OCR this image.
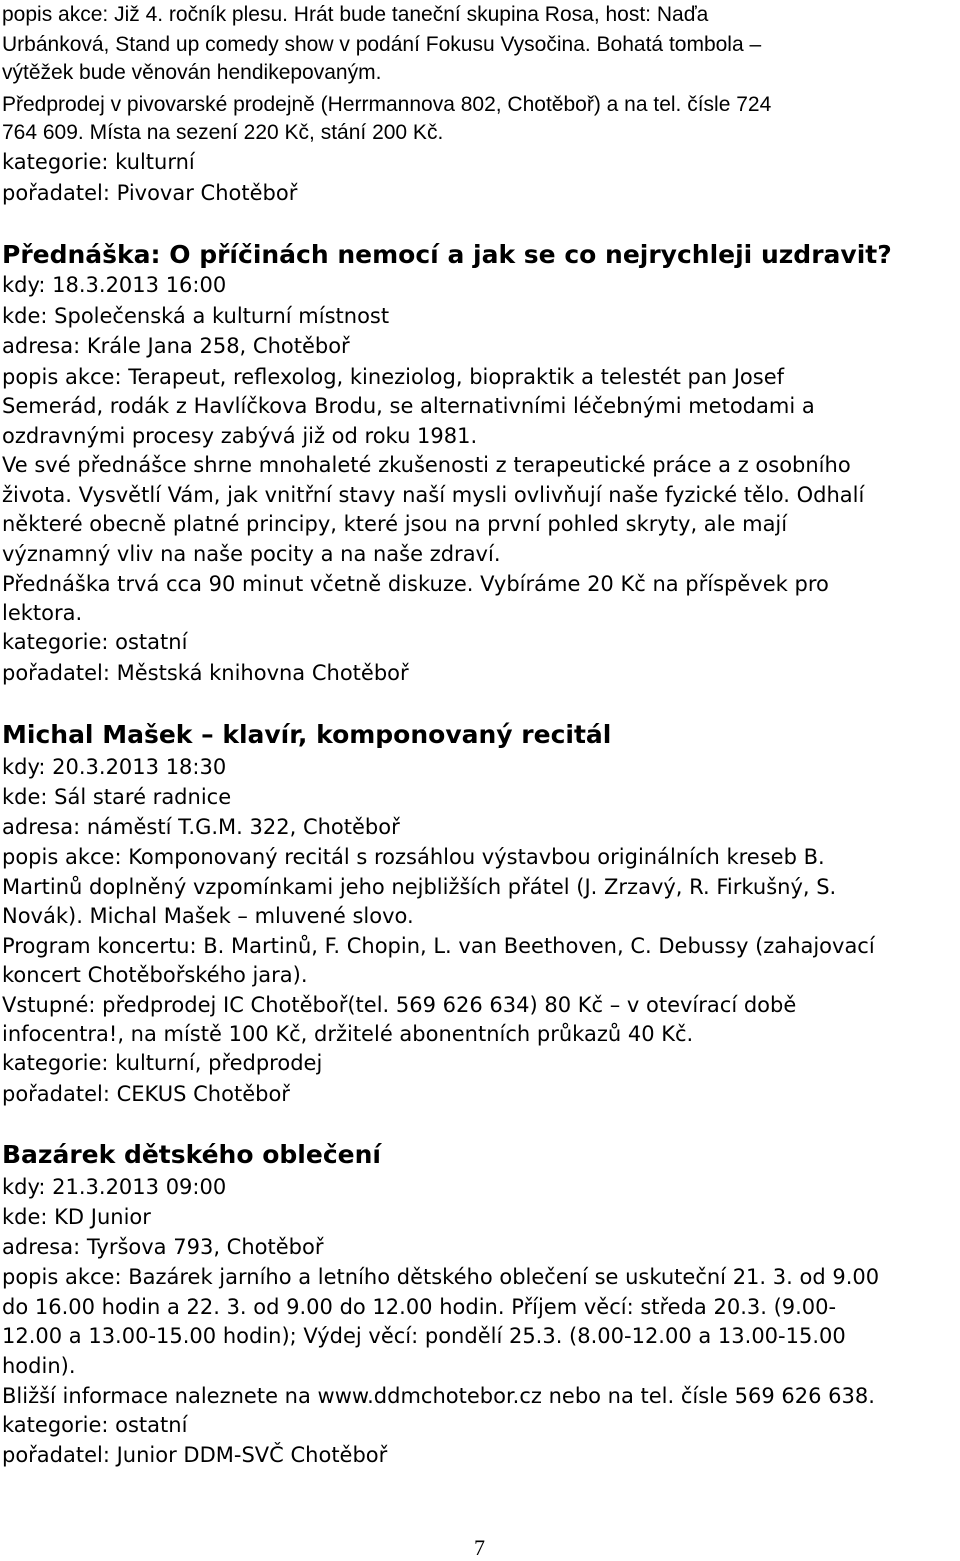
popis akce: Již 4. ročník plesu. Hrát bude taneční skupina Rosa, host: Naďa
Urbánková, Stand up comedy show v podání Fokusu Vysočina. Bohatá tombola –
výtěžek bude věnován hendikepovaným.
Předprodej v pivovarské prodejně (Herrmannova 802, Chotěboř) a na tel. čísle 724
764 609. Místa na sezení 220 Kč, stání 200 Kč.
kategorie: kulturní
pořadatel: Pivovar Chotěboř
Přednáška: O příčinách nemocí a jak se co nejrychleji uzdravit?
kdy: 18.3.2013 16:00
kde: Společenská a kulturní místnost
adresa: Krále Jana 258, Chotěboř
popis akce: Terapeut, reflexolog, kineziolog, biopraktik a telestét pan Josef
Semerád, rodák z Havlíčkova Brodu, se alternativními léčebnými metodami a
ozdravnými procesy zabývá již od roku 1981.
Ve své přednášce shrne mnohaleté zkušenosti z terapeutické práce a z osobního
života. Vysvětlí Vám, jak vnitřní stavy naší mysli ovlivňují naše fyzické tělo. Odhalí
některé obecně platné principy, které jsou na první pohled skryty, ale mají
významný vliv na naše pocity a na naše zdraví.
Přednáška trvá cca 90 minut včetně diskuze. Vybíráme 20 Kč na příspěvek pro
lektora.
kategorie: ostatní
pořadatel: Městská knihovna Chotěboř
Michal Mašek – klavír, komponovaný recitál
kdy: 20.3.2013 18:30
kde: Sál staré radnice
adresa: náměstí T.G.M. 322, Chotěboř
popis akce: Komponovaný recitál s rozsáhlou výstavbou originálních kreseb B.
Martinů doplněný vzpomínkami jeho nejbližších přátel (J. Zrzavý, R. Firkušný, S.
Novák). Michal Mašek – mluvené slovo.
Program koncertu: B. Martinů, F. Chopin, L. van Beethoven, C. Debussy (zahajovací
koncert Chotěbořského jara).
Vstupné: předprodej IC Chotěboř(tel. 569 626 634) 80 Kč – v otevírací době
infocentra!, na místě 100 Kč, držitelé abonentních průkazů 40 Kč.
kategorie: kulturní, předprodej
pořadatel: CEKUS Chotěboř
Bazárek dětského oblečení
kdy: 21.3.2013 09:00
kde: KD Junior
adresa: Tyršova 793, Chotěboř
popis akce: Bazárek jarního a letního dětského oblečení se uskuteční 21. 3. od 9.00
do 16.00 hodin a 22. 3. od 9.00 do 12.00 hodin. Příjem věcí: středa 20.3. (9.00-
12.00 a 13.00-15.00 hodin); Výdej věcí: pondělí 25.3. (8.00-12.00 a 13.00-15.00
hodin).
Bližší informace naleznete na www.ddmchotebor.cz nebo na tel. čísle 569 626 638.
kategorie: ostatní
pořadatel: Junior DDM-SVČ Chotěboř
7
